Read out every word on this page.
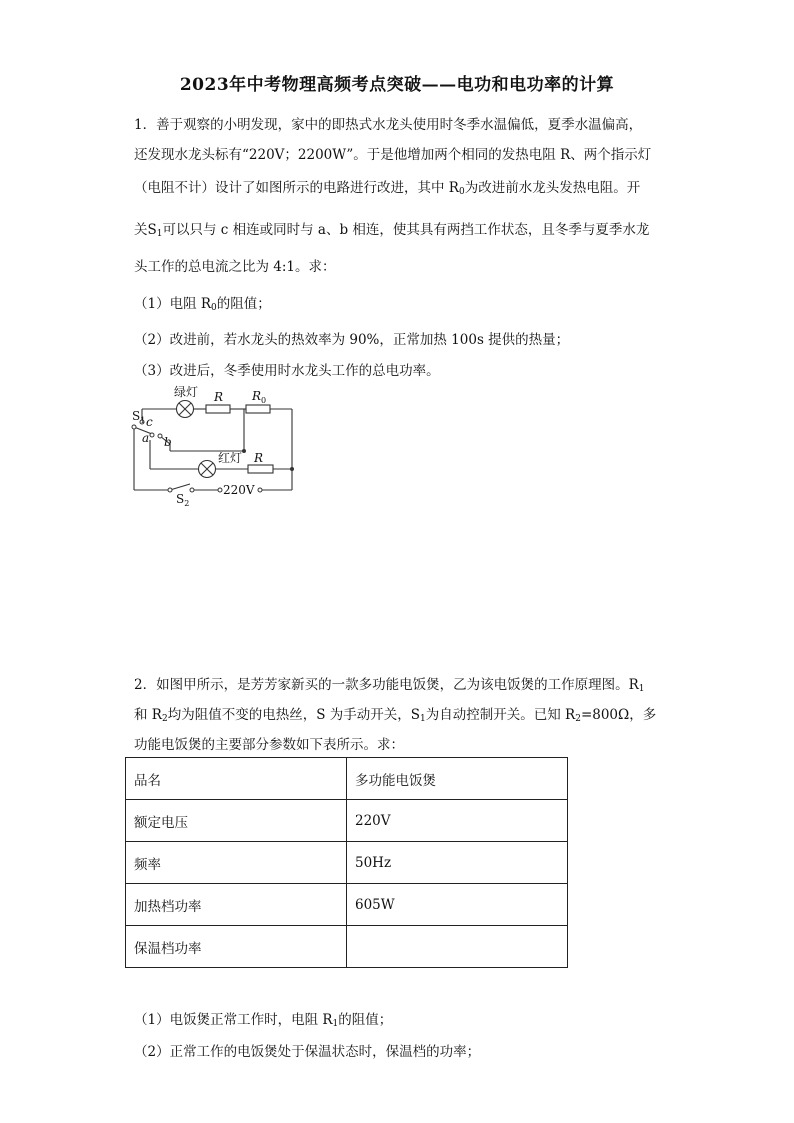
2023年中考物理高频考点突破——电功和电功率的计算
1．善于观察的小明发现，家中的即热式水龙头使用时冬季水温偏低，夏季水温偏高，
还发现水龙头标有“220V；2200W”。于是他增加两个相同的发热电阻 R、两个指示灯
（电阻不计）设计了如图所示的电路进行改进，其中 $R_0$为改进前水龙头发热电阻。开
关$S_1$可以只与 c 相连或同时与 a、b 相连，使其具有两挡工作状态，且冬季与夏季水龙
头工作的总电流之比为 4:1。求：
（1）电阻 $R_0$的阻值；
（2）改进前，若水龙头的热效率为 90%，正常加热 100s 提供的热量；
（3）改进后，冬季使用时水龙头工作的总电功率。
绿灯 R $R_0$
$S_1$ c
a b
红灯 R
$S_2$
220V
2．如图甲所示，是芳芳家新买的一款多功能电饭煲，乙为该电饭煲的工作原理图。$R_1$
和 $R_2$均为阻值不变的电热丝，S 为手动开关，$S_1$为自动控制开关。已知 $R_2=800\Omega$，多
功能电饭煲的主要部分参数如下表所示。求：
品名	多功能电饭煲
额定电压	220V
频率	50Hz
加热档功率	605W
保温档功率	
（1）电饭煲正常工作时，电阻 $R_1$的阻值；
（2）正常工作的电饭煲处于保温状态时，保温档的功率；
